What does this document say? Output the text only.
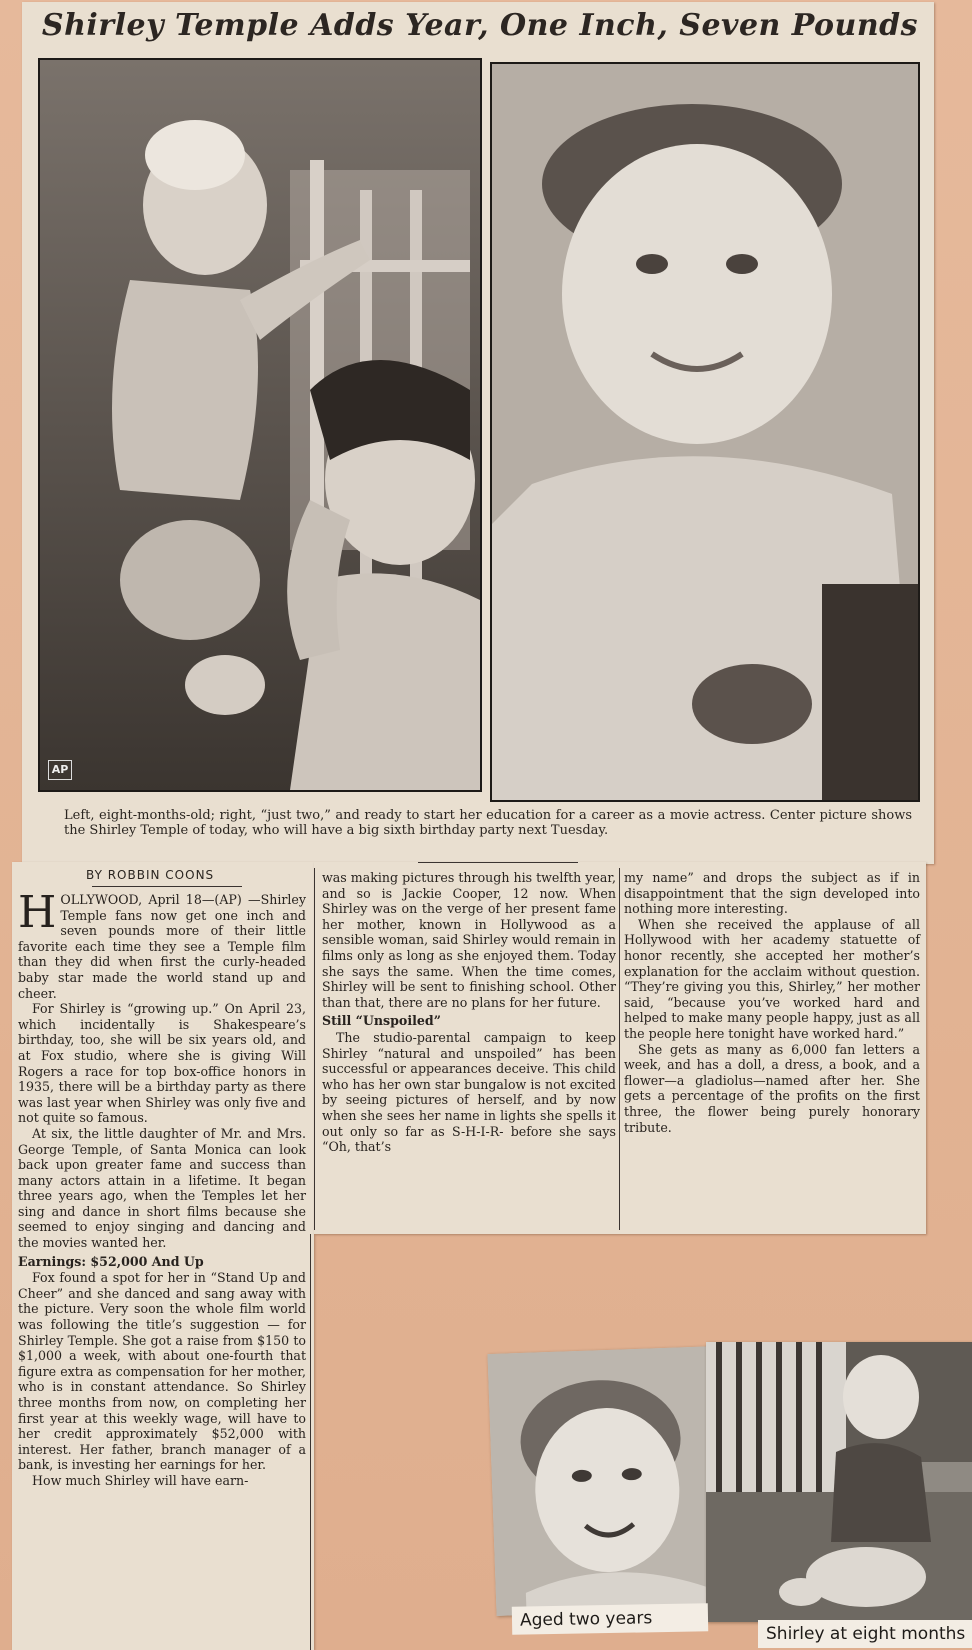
Shirley Temple Adds Year, One Inch, Seven Pounds
AP
Left, eight-months-old; right, “just two,” and ready to start her education for a career as a movie actress. Center picture shows the Shirley Temple of today, who will have a big sixth birthday party next Tuesday.
BY ROBBIN COONS

HOLLYWOOD, April 18—(AP) —Shirley Temple fans now get one inch and seven pounds more of their little favorite each time they see a Temple film than they did when first the curly-headed baby star made the world stand up and cheer.

For Shirley is “growing up.” On April 23, which incidentally is Shakespeare’s birthday, too, she will be six years old, and at Fox studio, where she is giving Will Rogers a race for top box-office honors in 1935, there will be a birthday party as there was last year when Shirley was only five and not quite so famous.

At six, the little daughter of Mr. and Mrs. George Temple, of Santa Monica can look back upon greater fame and success than many actors attain in a lifetime. It began three years ago, when the Temples let her sing and dance in short films because she seemed to enjoy singing and dancing and the movies wanted her.

Earnings: $52,000 And Up

Fox found a spot for her in “Stand Up and Cheer” and she danced and sang away with the picture. Very soon the whole film world was following the title’s suggestion — for Shirley Temple. She got a raise from $150 to $1,000 a week, with about one-fourth that figure extra as compensation for her mother, who is in constant attendance. So Shirley three months from now, on completing her first year at this weekly wage, will have to her credit approximately $52,000 with interest. Her father, branch manager of a bank, is investing her earnings for her.

How much Shirley will have earn-

was making pictures through his twelfth year, and so is Jackie Cooper, 12 now. When Shirley was on the verge of her present fame her mother, known in Hollywood as a sensible woman, said Shirley would remain in films only as long as she enjoyed them. Today she says the same. When the time comes, Shirley will be sent to finishing school. Other than that, there are no plans for her future.

Still “Unspoiled”

The studio-parental campaign to keep Shirley “natural and unspoiled” has been successful or appearances deceive. This child who has her own star bungalow is not excited by seeing pictures of herself, and by now when she sees her name in lights she spells it out only so far as S-H-I-R- before she says “Oh, that’s

my name” and drops the subject as if in disappointment that the sign developed into nothing more interesting.

When she received the applause of all Hollywood with her academy statuette of honor recently, she accepted her mother’s explanation for the acclaim without question. “They’re giving you this, Shirley,” her mother said, “because you’ve worked hard and helped to make many people happy, just as all the people here tonight have worked hard.”

She gets as many as 6,000 fan letters a week, and has a doll, a dress, a book, and a flower—a gladiolus—named after her. She gets a percentage of the profits on the first three, the flower being purely honorary tribute.

Aged two years
Shirley at eight months
